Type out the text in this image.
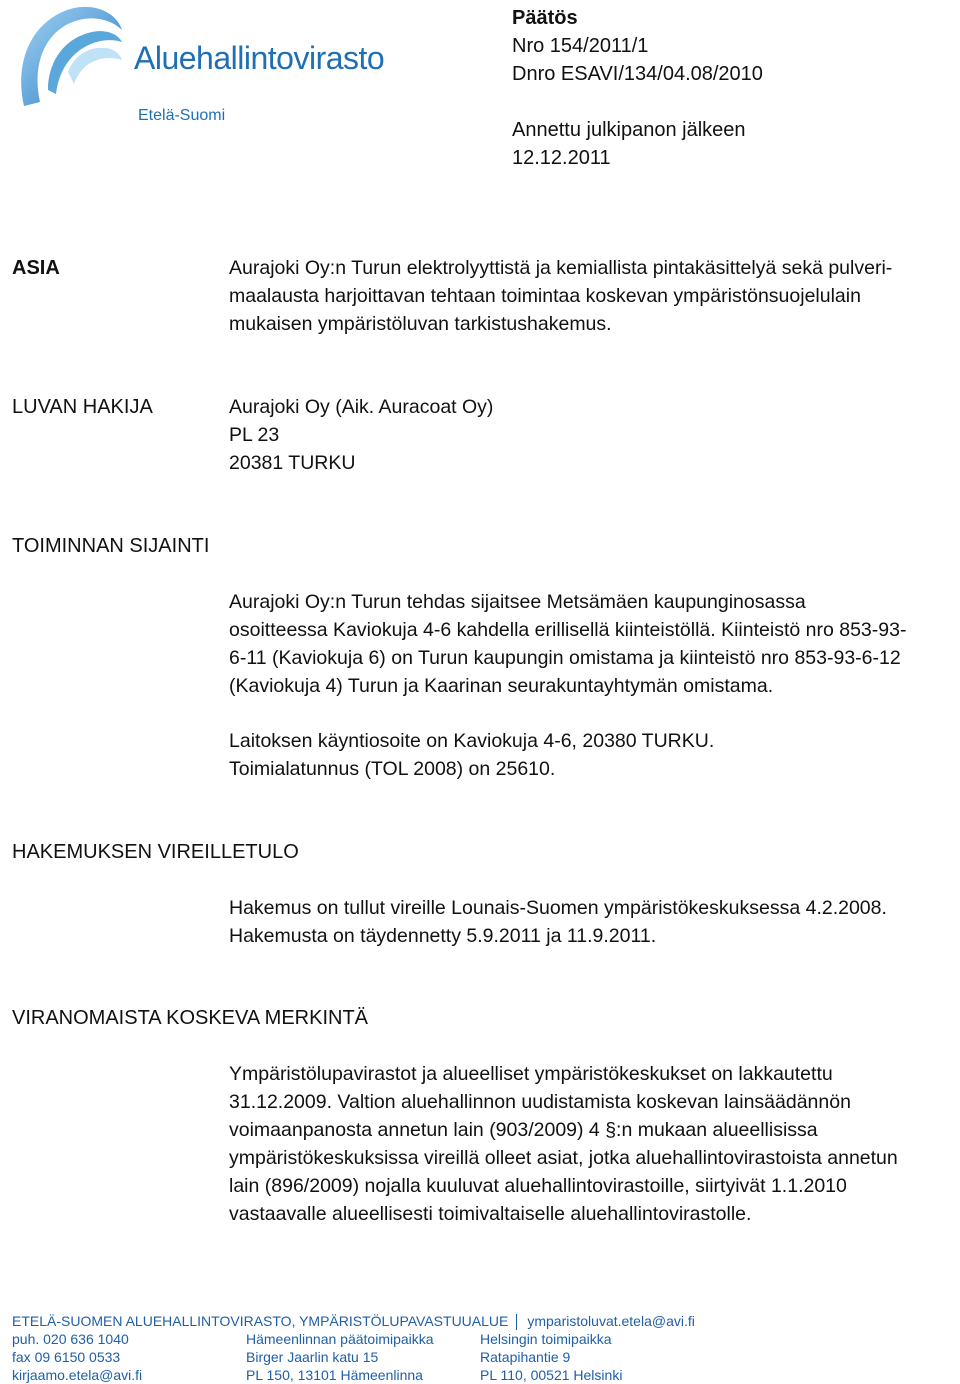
Aluehallintovirasto
Etelä-Suomi
Päätös
Nro 154/2011/1
Dnro ESAVI/134/04.08/2010
Annettu julkipanon jälkeen
12.12.2011
ASIA	Aurajoki Oy:n Turun elektrolyyttistä ja kemiallista pintakäsittelyä sekä pulveri-
maalausta harjoittavan tehtaan toimintaa koskevan ympäristönsuojelulain
mukaisen ympäristöluvan tarkistushakemus.
LUVAN HAKIJA	Aurajoki Oy (Aik. Auracoat Oy)
PL 23
20381 TURKU
TOIMINNAN SIJAINTI
Aurajoki Oy:n Turun tehdas sijaitsee Metsämäen kaupunginosassa
osoitteessa Kaviokuja 4-6 kahdella erillisellä kiinteistöllä. Kiinteistö nro 853-93-
6-11 (Kaviokuja 6) on Turun kaupungin omistama ja kiinteistö nro 853-93-6-12
(Kaviokuja 4) Turun ja Kaarinan seurakuntayhtymän omistama.
Laitoksen käyntiosoite on Kaviokuja 4-6, 20380 TURKU.
Toimialatunnus (TOL 2008) on 25610.
HAKEMUKSEN VIREILLETULO
Hakemus on tullut vireille Lounais-Suomen ympäristökeskuksessa 4.2.2008.
Hakemusta on täydennetty 5.9.2011 ja 11.9.2011.
VIRANOMAISTA KOSKEVA MERKINTÄ
Ympäristölupavirastot ja alueelliset ympäristökeskukset on lakkautettu
31.12.2009. Valtion aluehallinnon uudistamista koskevan lainsäädännön
voimaanpanosta annetun lain (903/2009) 4 §:n mukaan alueellisissa
ympäristökeskuksissa vireillä olleet asiat, jotka aluehallintovirastoista annetun
lain (896/2009) nojalla kuuluvat aluehallintovirastoille, siirtyivät 1.1.2010
vastaavalle alueellisesti toimivaltaiselle aluehallintovirastolle.
ETELÄ-SUOMEN ALUEHALLINTOVIRASTO, YMPÄRISTÖLUPAVASTUUALUE ymparistoluvat.etela@avi.fi
puh. 020 636 1040	Hämeenlinnan päätoimipaikka	Helsingin toimipaikka
fax 09 6150 0533	Birger Jaarlin katu 15	Ratapihantie 9
kirjaamo.etela@avi.fi	PL 150, 13101 Hämeenlinna	PL 110, 00521 Helsinki
